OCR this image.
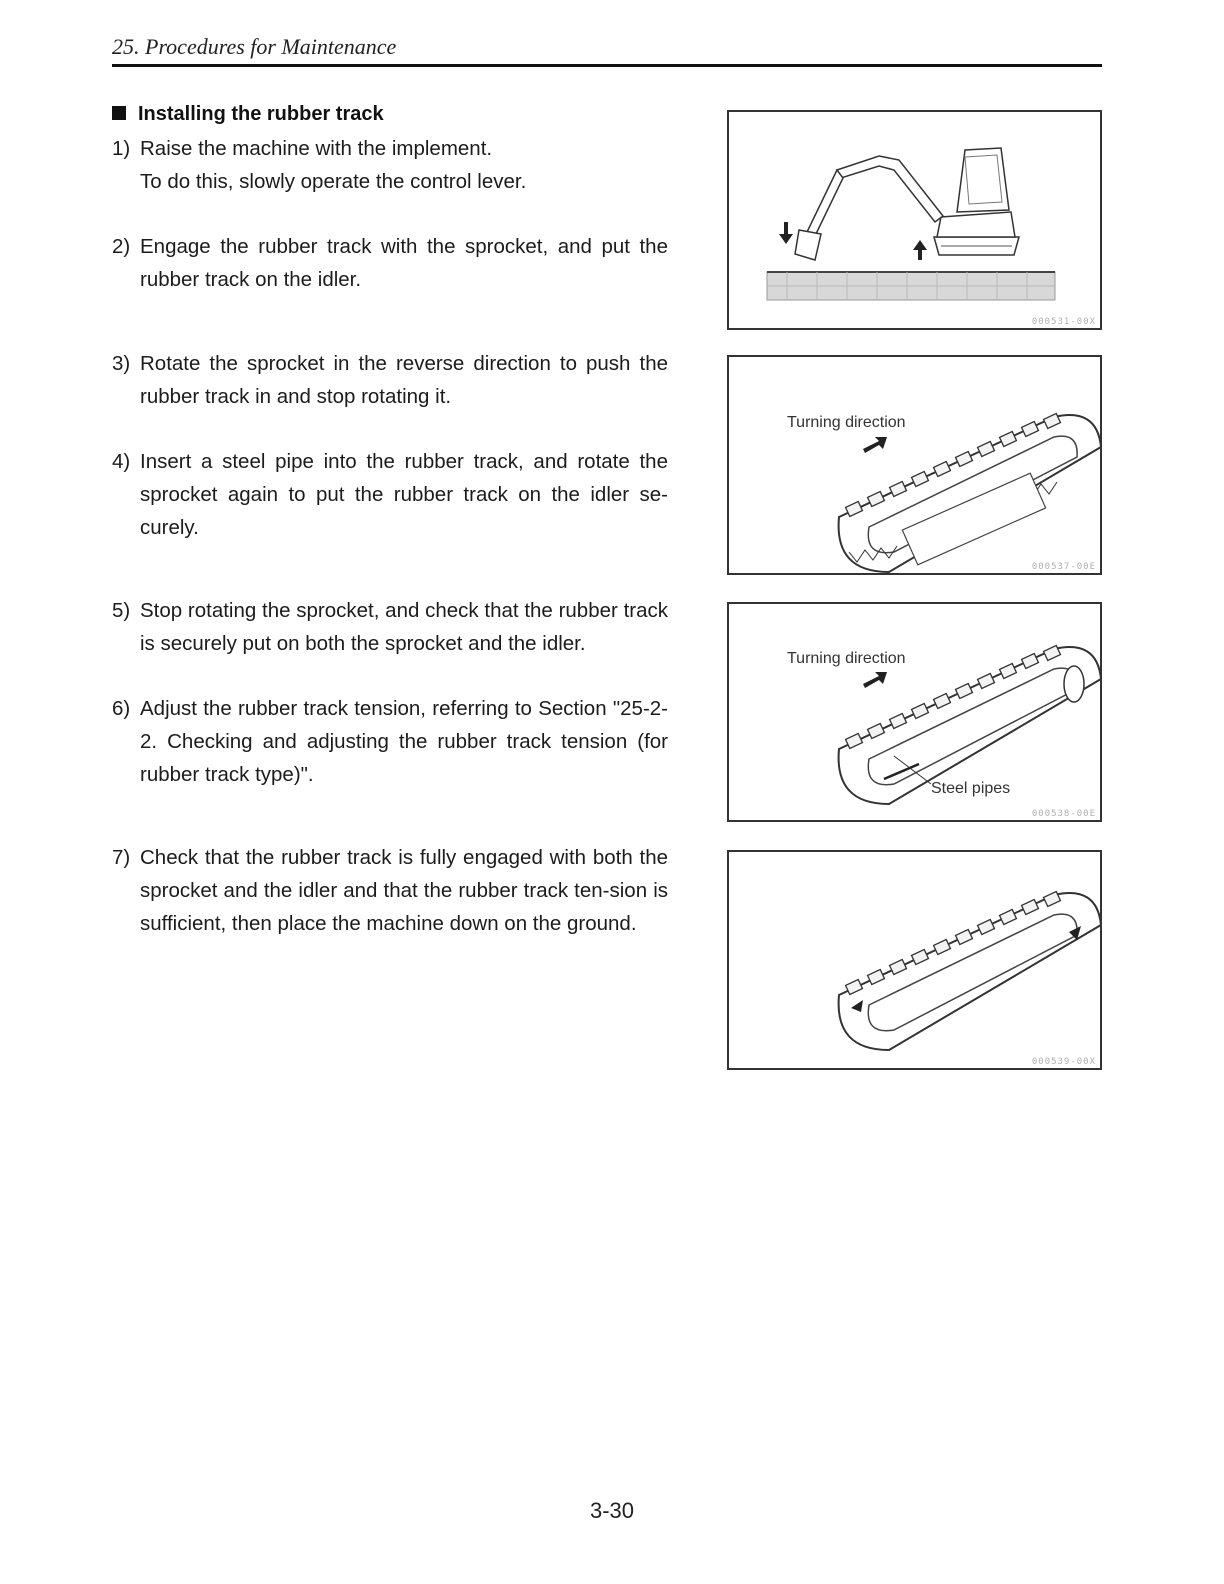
25. Procedures for Maintenance
Installing the rubber track
1) Raise the machine with the implement.
To do this, slowly operate the control lever.
2) Engage the rubber track with the sprocket, and put the rubber track on the idler.
3) Rotate the sprocket in the reverse direction to push the rubber track in and stop rotating it.
4) Insert a steel pipe into the rubber track, and rotate the sprocket again to put the rubber track on the idler se-curely.
5) Stop rotating the sprocket, and check that the rubber track is securely put on both the sprocket and the idler.
6) Adjust the rubber track tension, referring to Section "25-2-2. Checking and adjusting the rubber track tension (for rubber track type)".
7) Check that the rubber track is fully engaged with both the sprocket and the idler and that the rubber track ten-sion is sufficient, then place the machine down on the ground.
000531-00X
Turning direction
000537-00E
Turning direction
Steel pipes
000538-00E
000539-00X
3-30
